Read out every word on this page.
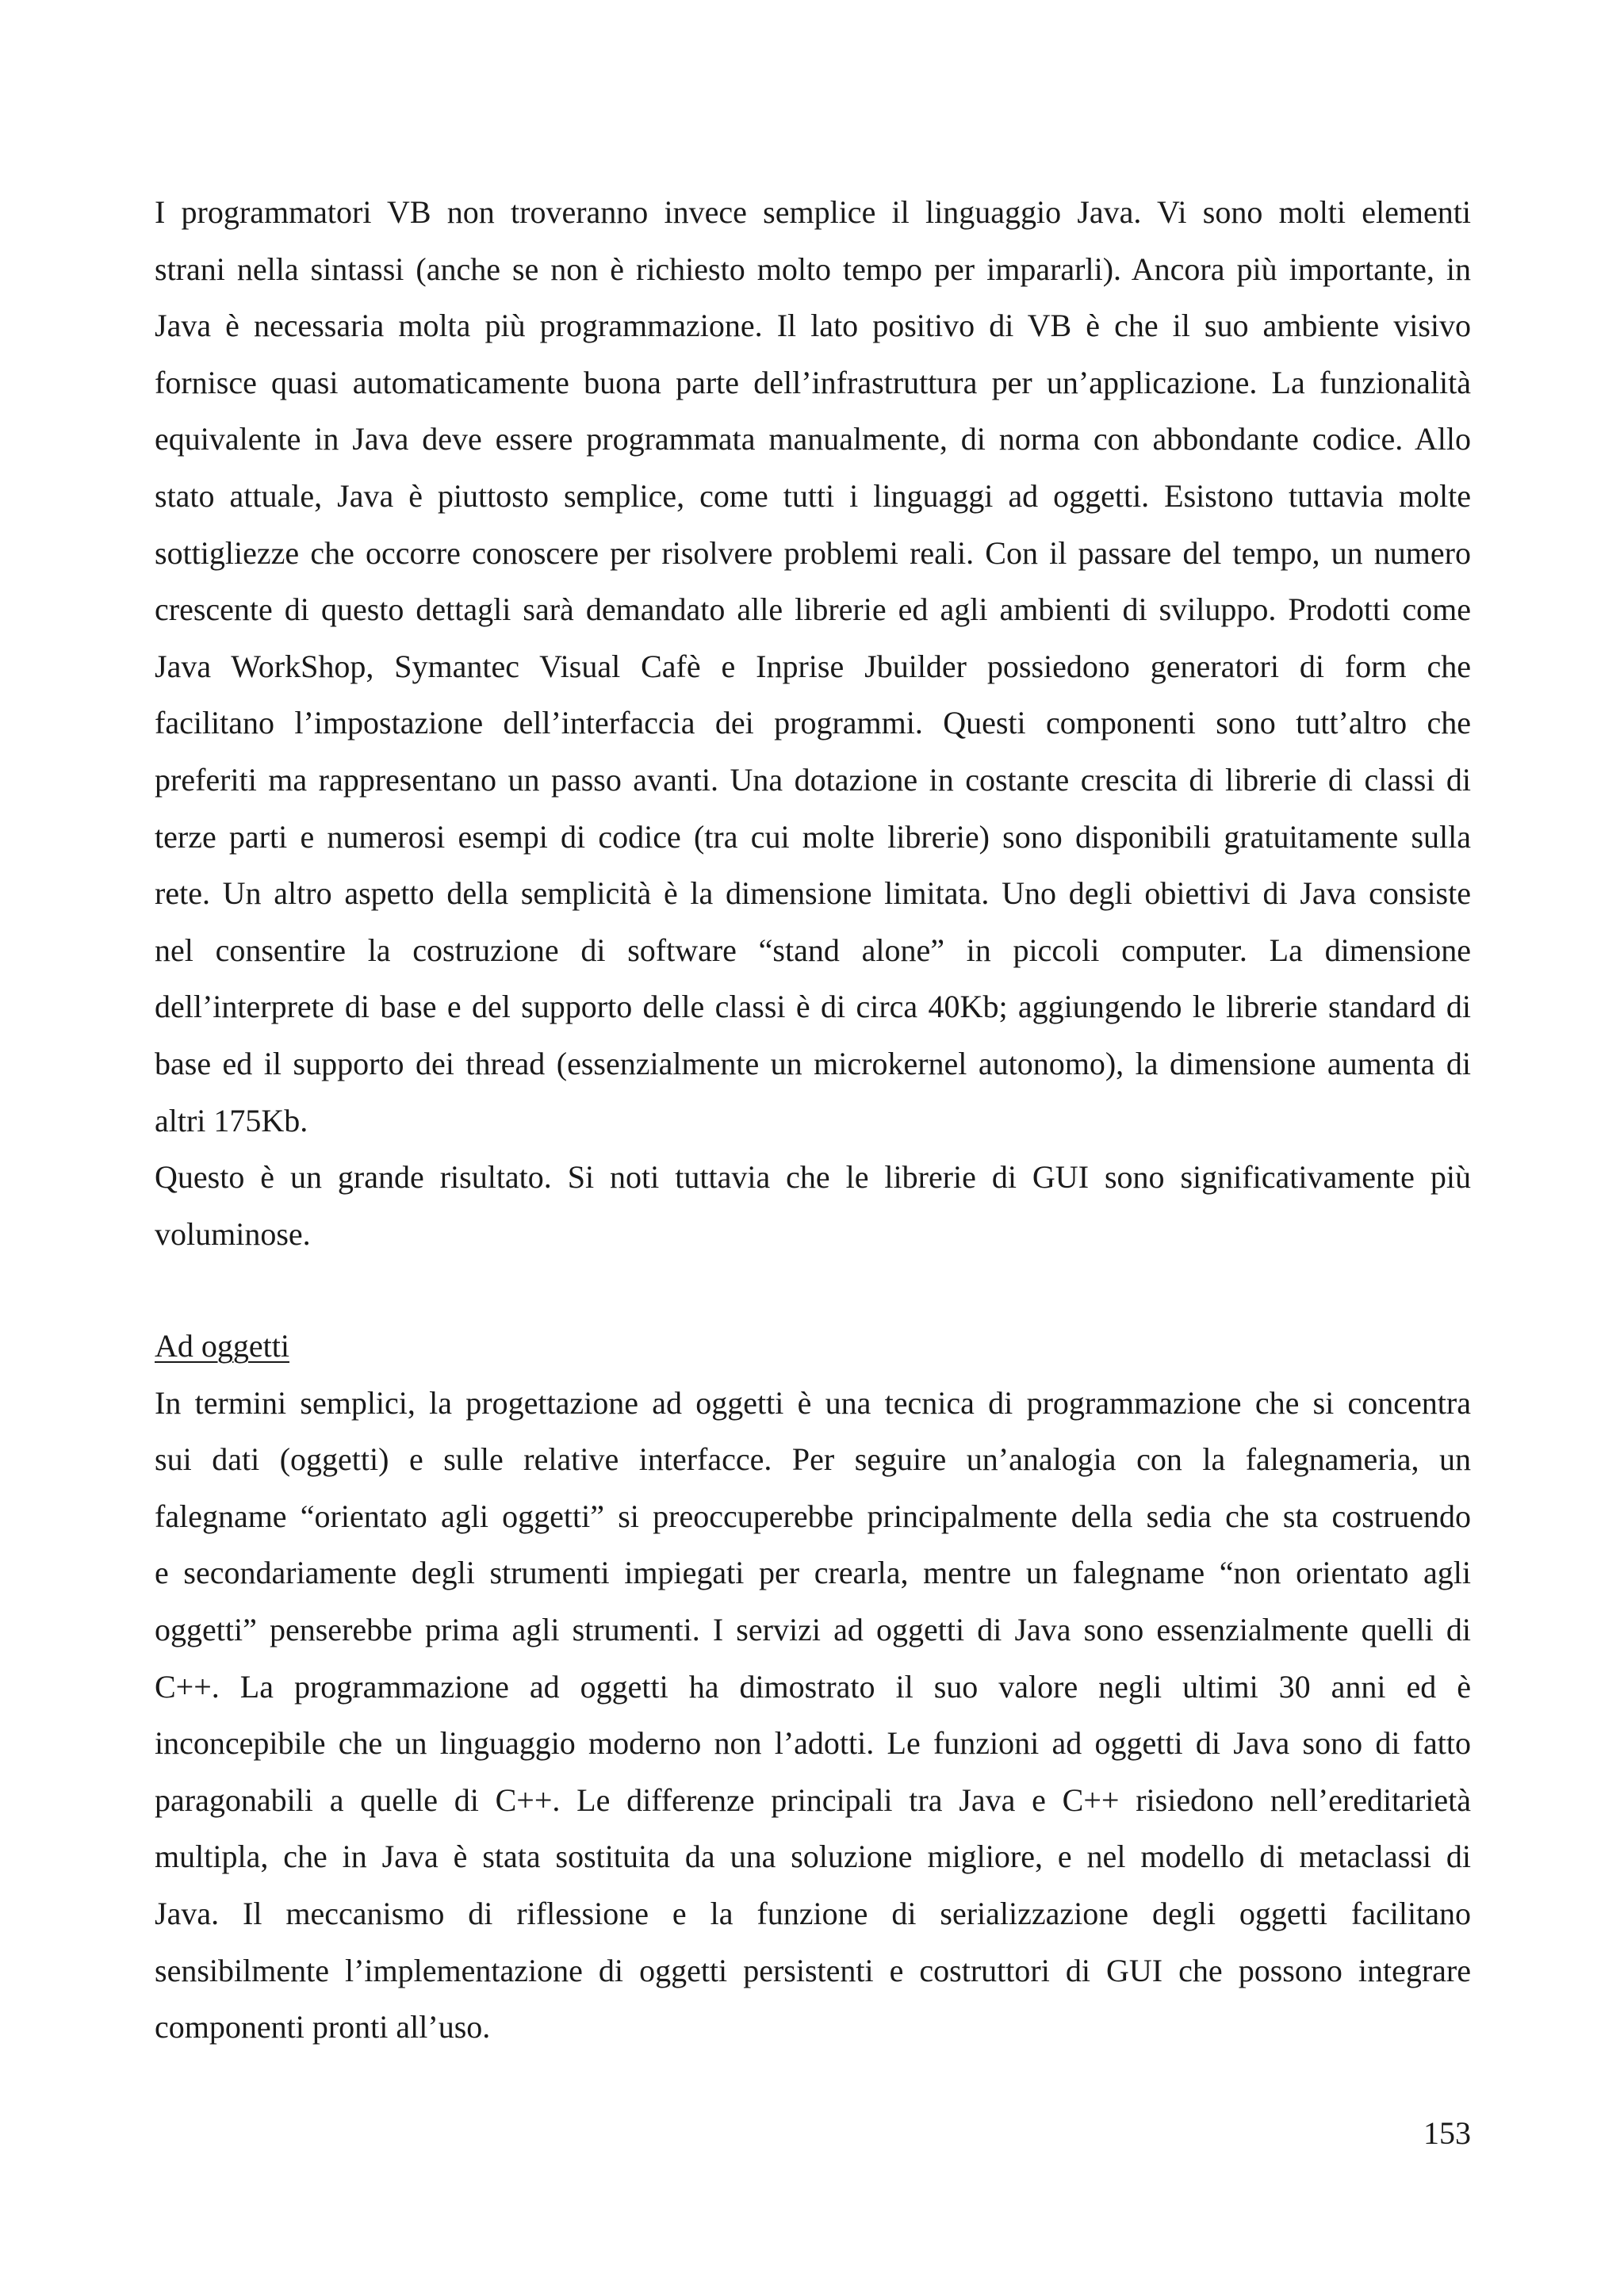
I programmatori VB non troveranno invece semplice il linguaggio Java. Vi sono molti elementi

strani nella sintassi (anche se non è richiesto molto tempo per impararli). Ancora più importante, in

Java è necessaria molta più programmazione. Il lato positivo di VB è che il suo ambiente visivo

fornisce quasi automaticamente buona parte dell’infrastruttura per un’applicazione. La funzionalità

equivalente in Java deve essere programmata manualmente, di norma con abbondante codice. Allo

stato attuale, Java è piuttosto semplice, come tutti i linguaggi ad oggetti. Esistono tuttavia molte

sottigliezze che occorre conoscere per risolvere problemi reali. Con il passare del tempo, un numero

crescente di questo dettagli sarà demandato alle librerie ed agli ambienti di sviluppo. Prodotti come

Java WorkShop, Symantec Visual Cafè e Inprise Jbuilder possiedono generatori di form che

facilitano l’impostazione dell’interfaccia dei programmi. Questi componenti sono tutt’altro che

preferiti ma rappresentano un passo avanti. Una dotazione in costante crescita di librerie di classi di

terze parti e numerosi esempi di codice (tra cui molte librerie) sono disponibili gratuitamente sulla

rete. Un altro aspetto della semplicità è la dimensione limitata. Uno degli obiettivi di Java consiste

nel consentire la costruzione di software “stand alone” in piccoli computer. La dimensione

dell’interprete di base e del supporto delle classi è di circa 40Kb; aggiungendo le librerie standard di

base ed il supporto dei thread (essenzialmente un microkernel autonomo), la dimensione aumenta di

altri 175Kb.

Questo è un grande risultato. Si noti tuttavia che le librerie di GUI sono significativamente più

voluminose.

Ad oggetti

In termini semplici, la progettazione ad oggetti è una tecnica di programmazione che si concentra

sui dati (oggetti) e sulle relative interfacce. Per seguire un’analogia con la falegnameria, un

falegname “orientato agli oggetti” si preoccuperebbe principalmente della sedia che sta costruendo

e secondariamente degli strumenti impiegati per crearla, mentre un falegname “non orientato agli

oggetti” penserebbe prima agli strumenti. I servizi ad oggetti di Java sono essenzialmente quelli di

C++. La programmazione ad oggetti ha dimostrato il suo valore negli ultimi 30 anni ed è

inconcepibile che un linguaggio moderno non l’adotti. Le funzioni ad oggetti di Java sono di fatto

paragonabili a quelle di C++. Le differenze principali tra Java e C++ risiedono nell’ereditarietà

multipla, che in Java è stata sostituita da una soluzione migliore, e nel modello di metaclassi di

Java. Il meccanismo di riflessione e la funzione di serializzazione degli oggetti facilitano

sensibilmente l’implementazione di oggetti persistenti e costruttori di GUI che possono integrare

componenti pronti all’uso.

153
